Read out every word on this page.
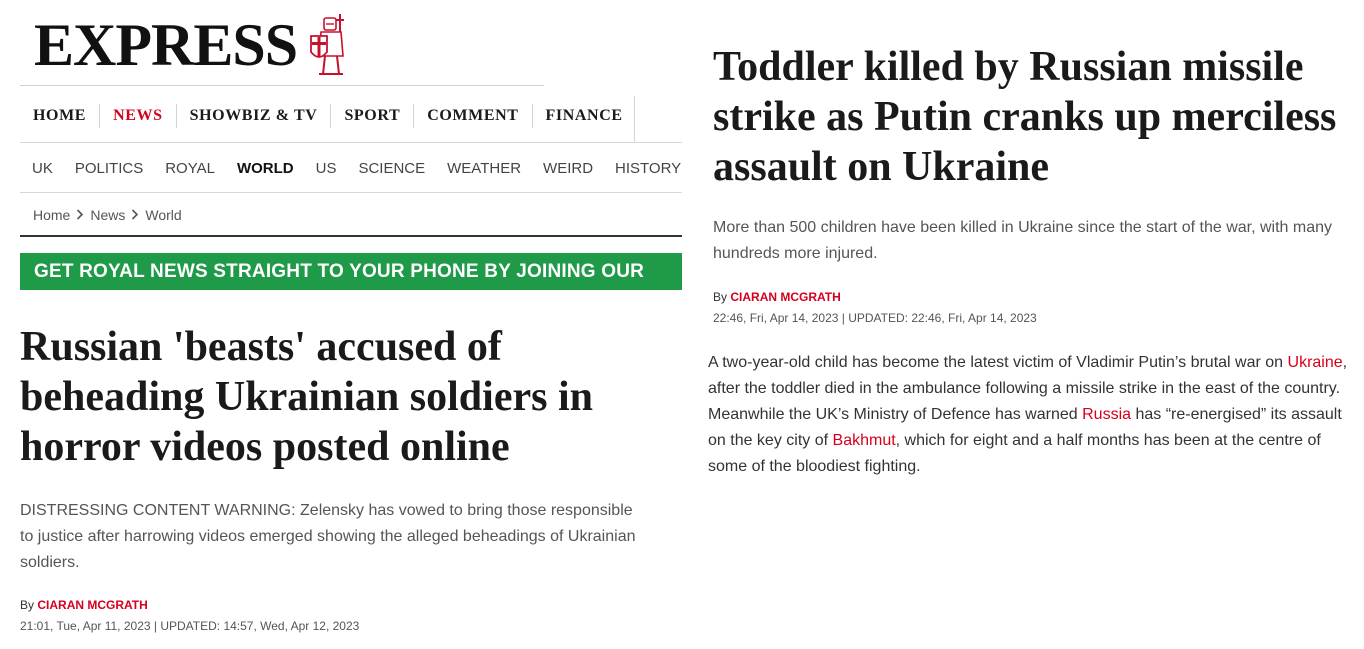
EXPRESS
HOME	NEWS	SHOWBIZ & TV	SPORT	COMMENT	FINANCE
UK POLITICS ROYAL WORLD US SCIENCE WEATHER WEIRD HISTORY
Home News World
GET ROYAL NEWS STRAIGHT TO YOUR PHONE BY JOINING OUR
Russian 'beasts' accused of beheading Ukrainian soldiers in horror videos posted online

DISTRESSING CONTENT WARNING: Zelensky has vowed to bring those responsible to justice after harrowing videos emerged showing the alleged beheadings of Ukrainian soldiers.

By CIARAN MCGRATH
21:01, Tue, Apr 11, 2023 | UPDATED: 14:57, Wed, Apr 12, 2023
Toddler killed by Russian missile strike as Putin cranks up merciless assault on Ukraine

More than 500 children have been killed in Ukraine since the start of the war, with many hundreds more injured.

By CIARAN MCGRATH
22:46, Fri, Apr 14, 2023 | UPDATED: 22:46, Fri, Apr 14, 2023

A two-year-old child has become the latest victim of Vladimir Putin’s brutal war on Ukraine, after the toddler died in the ambulance following a missile strike in the east of the country. Meanwhile the UK’s Ministry of Defence has warned Russia has “re-energised” its assault on the key city of Bakhmut, which for eight and a half months has been at the centre of some of the bloodiest fighting.
